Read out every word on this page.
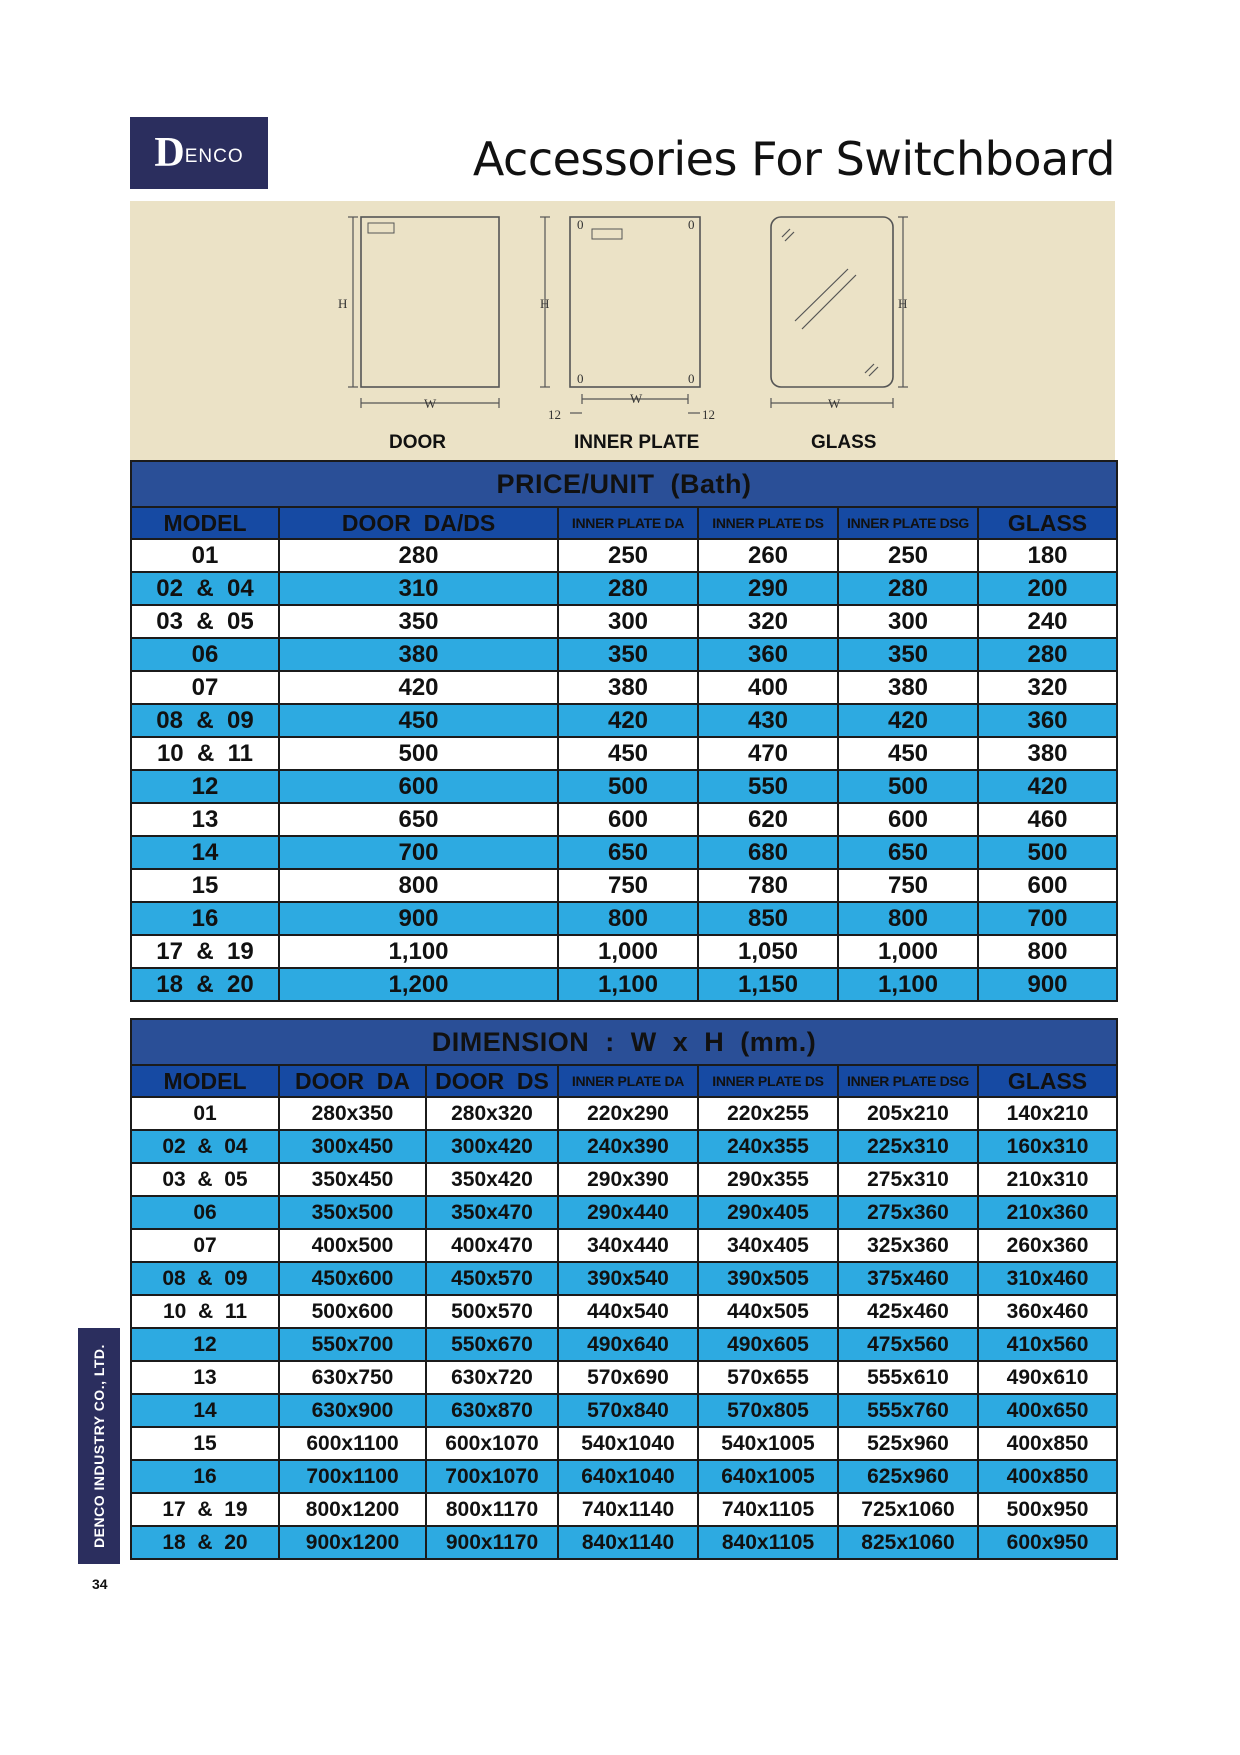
D ENCO	Accessories For Switchboard
H
W
0	0
0	0
H
W
12	12
H
W
DOOR	INNER PLATE	GLASS
PRICE/UNIT  (Bath)					
MODEL	DOOR  DA/DS	INNER PLATE DA	INNER PLATE DS	INNER PLATE DSG	GLASS
01	280	250	260	250	180
02  &  04	310	280	290	280	200
03  &  05	350	300	320	300	240
06	380	350	360	350	280
07	420	380	400	380	320
08  &  09	450	420	430	420	360
10  &  11	500	450	470	450	380
12	600	500	550	500	420
13	650	600	620	600	460
14	700	650	680	650	500
15	800	750	780	750	600
16	900	800	850	800	700
17  &  19	1,100	1,000	1,050	1,000	800
18  &  20	1,200	1,100	1,150	1,100	900
DIMENSION  :  W  x  H  (mm.)						
MODEL	DOOR  DA	DOOR  DS	INNER PLATE DA	INNER PLATE DS	INNER PLATE DSG	GLASS
01	280x350	280x320	220x290	220x255	205x210	140x210
02  &  04	300x450	300x420	240x390	240x355	225x310	160x310
03  &  05	350x450	350x420	290x390	290x355	275x310	210x310
06	350x500	350x470	290x440	290x405	275x360	210x360
07	400x500	400x470	340x440	340x405	325x360	260x360
08  &  09	450x600	450x570	390x540	390x505	375x460	310x460
10  &  11	500x600	500x570	440x540	440x505	425x460	360x460
12	550x700	550x670	490x640	490x605	475x560	410x560
13	630x750	630x720	570x690	570x655	555x610	490x610
14	630x900	630x870	570x840	570x805	555x760	400x650
15	600x1100	600x1070	540x1040	540x1005	525x960	400x850
16	700x1100	700x1070	640x1040	640x1005	625x960	400x850
17  &  19	800x1200	800x1170	740x1140	740x1105	725x1060	500x950
18  &  20	900x1200	900x1170	840x1140	840x1105	825x1060	600x950
DENCO INDUSTRY CO., LTD.
34
